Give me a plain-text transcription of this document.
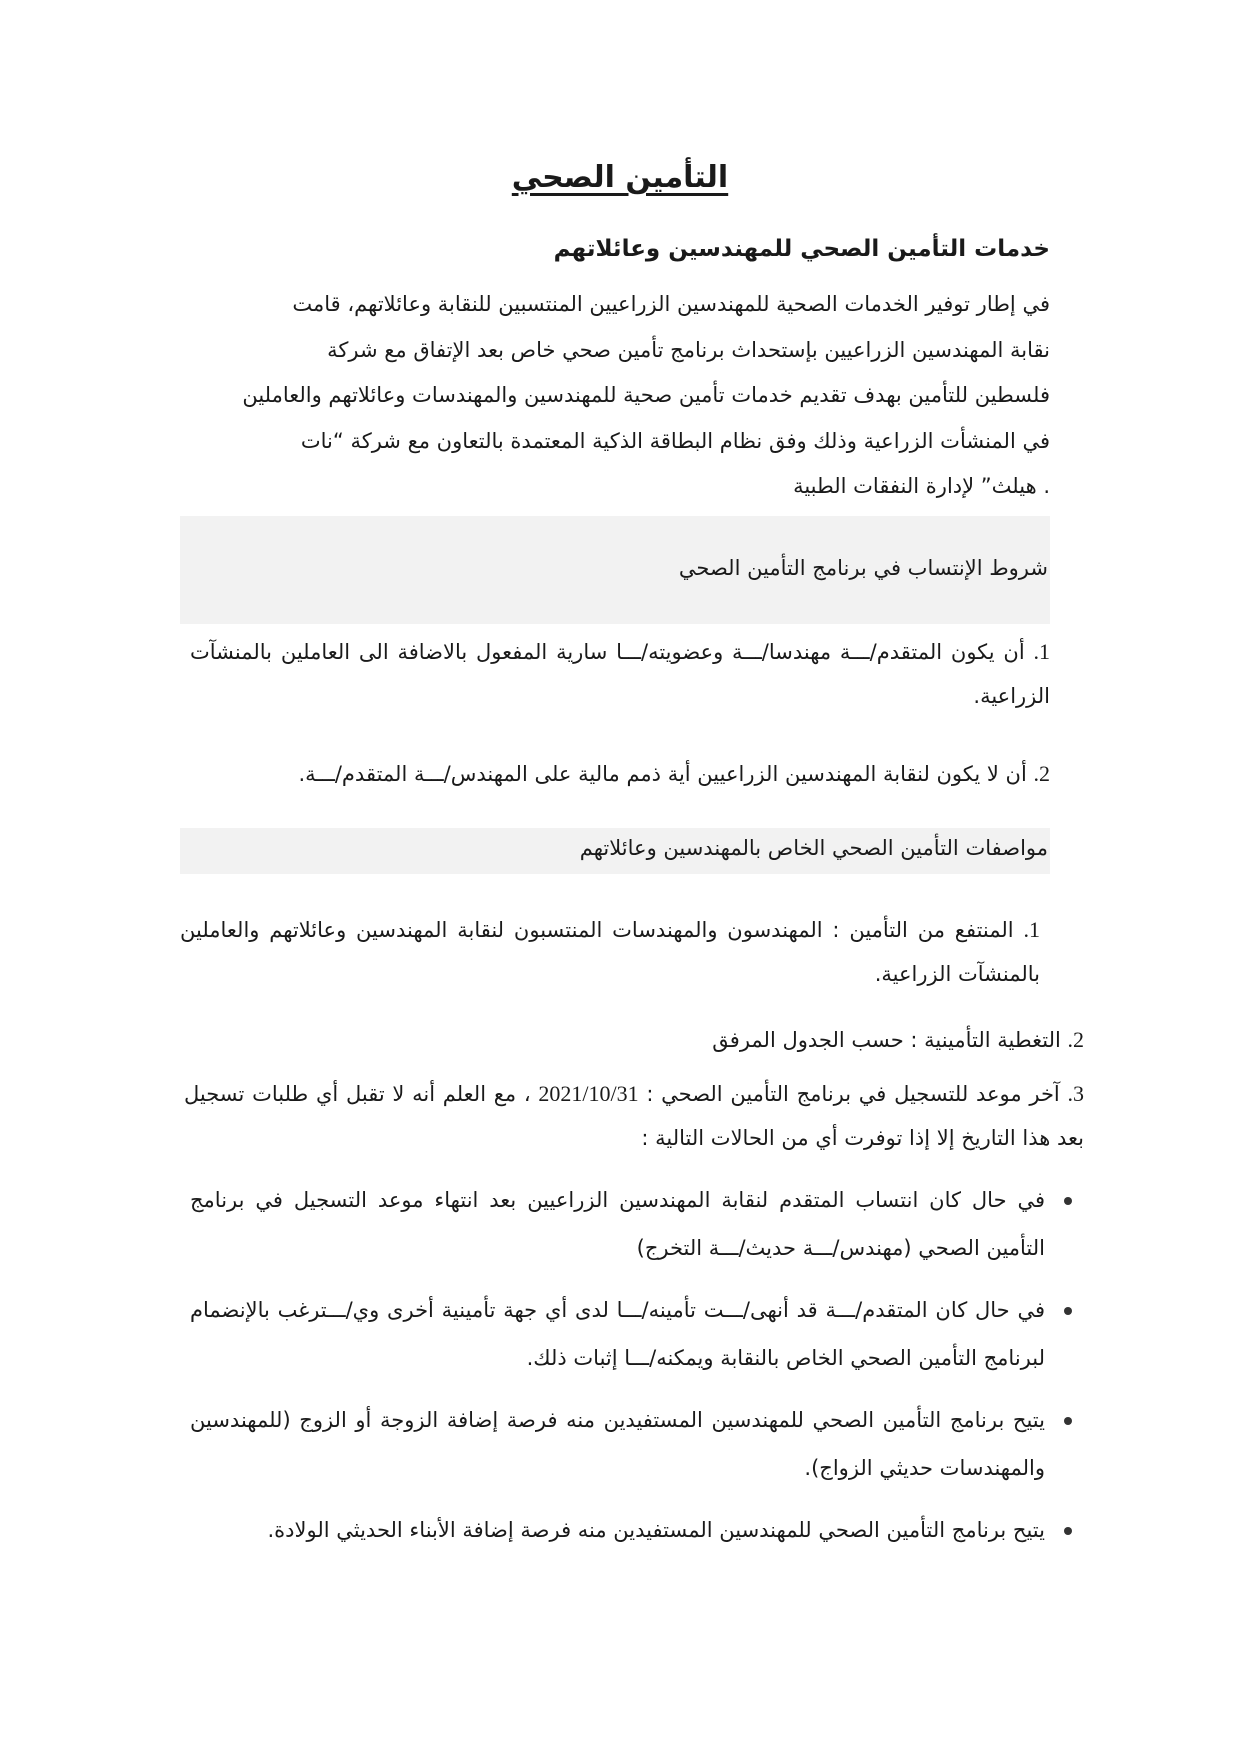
التأمين الصحي
خدمات التأمين الصحي للمهندسين وعائلاتهم

في إطار توفير الخدمات الصحية للمهندسين الزراعيين المنتسبين للنقابة وعائلاتهم، قامت

نقابة المهندسين الزراعيين بإستحداث برنامج تأمين صحي خاص بعد الإتفاق مع شركة

فلسطين للتأمين بهدف تقديم خدمات تأمين صحية للمهندسين والمهندسات وعائلاتهم والعاملين

في المنشأت الزراعية وذلك وفق نظام البطاقة الذكية المعتمدة بالتعاون مع شركة “نات

. هيلث” لإدارة النفقات الطبية

شروط الإنتساب في برنامج التأمين الصحي
1. أن يكون المتقدم/ـــة مهندسا/ـــة وعضويته/ـــا سارية المفعول بالاضافة الى العاملين بالمنشآت الزراعية.
2. أن لا يكون لنقابة المهندسين الزراعيين أية ذمم مالية على المهندس/ـــة المتقدم/ـــة.
مواصفات التأمين الصحي الخاص بالمهندسين وعائلاتهم
1. المنتفع من التأمين : المهندسون والمهندسات المنتسبون لنقابة المهندسين وعائلاتهم والعاملين بالمنشآت الزراعية.
2. التغطية التأمينية : حسب الجدول المرفق
3. آخر موعد للتسجيل في برنامج التأمين الصحي : 2021/10/31 ، مع العلم أنه لا تقبل أي طلبات تسجيل بعد هذا التاريخ إلا إذا توفرت أي من الحالات التالية :
في حال كان انتساب المتقدم لنقابة المهندسين الزراعيين بعد انتهاء موعد التسجيل في برنامج التأمين الصحي (مهندس/ـــة حديث/ـــة التخرج)
في حال كان المتقدم/ـــة قد أنهى/ـــت تأمينه/ـــا لدى أي جهة تأمينية أخرى وي/ـــترغب بالإنضمام لبرنامج التأمين الصحي الخاص بالنقابة ويمكنه/ـــا إثبات ذلك.
يتيح برنامج التأمين الصحي للمهندسين المستفيدين منه فرصة إضافة الزوجة أو الزوج (للمهندسين والمهندسات حديثي الزواج).
يتيح برنامج التأمين الصحي للمهندسين المستفيدين منه فرصة إضافة الأبناء الحديثي الولادة.
